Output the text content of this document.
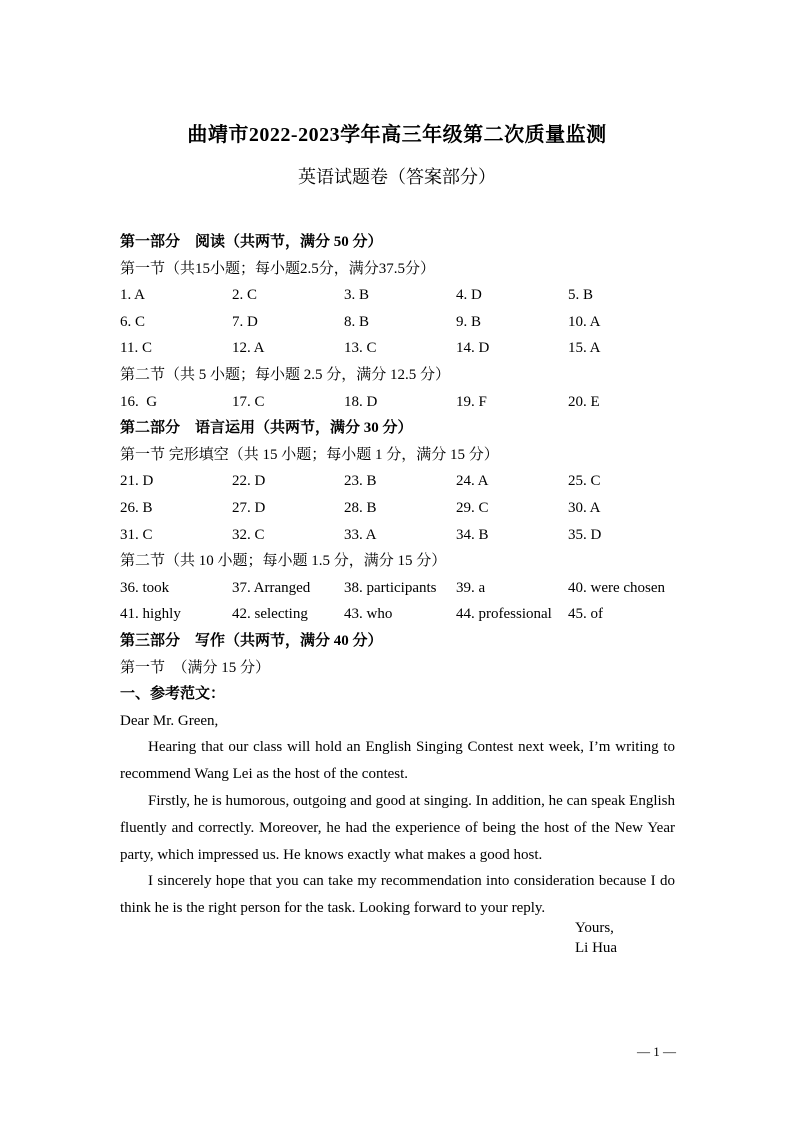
曲靖市2022-2023学年高三年级第二次质量监测
英语试题卷（答案部分）
第一部分　阅读（共两节，满分 50 分）
第一节（共15小题；每小题2.5分，满分37.5分）
1. A	2. C	3. B	4. D	5. B
6. C	7. D	8. B	9. B	10. A
11. C	12. A	13. C	14. D	15. A
第二节（共 5 小题；每小题 2.5 分，满分 12.5 分）
16.  G	17. C	18. D	19. F	20. E
第二部分　语言运用（共两节，满分 30 分）
第一节 完形填空（共 15 小题；每小题 1 分，满分 15 分）
21. D	22. D	23. B	24. A	25. C
26. B	27. D	28. B	29. C	30. A
31. C	32. C	33. A	34. B	35. D
第二节（共 10 小题；每小题 1.5 分，满分 15 分）
36. took	37. Arranged	38. participants	39. a	40. were chosen
41. highly	42. selecting	43. who	44. professional	45. of
第三部分　写作（共两节，满分 40 分）
第一节　（满分 15 分）
一、参考范文：
Dear Mr. Green,

Hearing that our class will hold an English Singing Contest next week, I’m writing to recommend Wang Lei as the host of the contest.

Firstly, he is humorous, outgoing and good at singing. In addition, he can speak English fluently and correctly. Moreover, he had the experience of being the host of the New Year party, which impressed us. He knows exactly what makes a good host.

I sincerely hope that you can take my recommendation into consideration because I do think he is the right person for the task. Looking forward to your reply.

Yours,
Li Hua
— 1 —
